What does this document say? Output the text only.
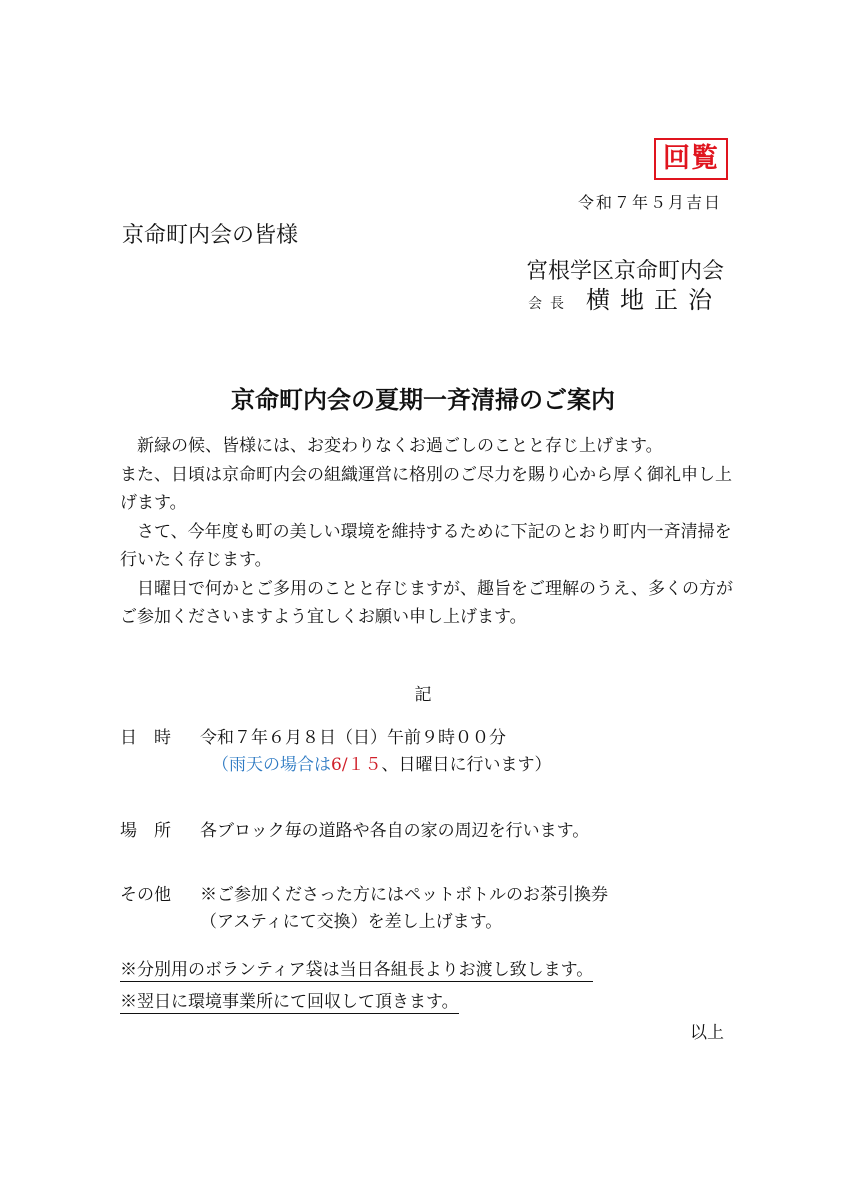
回覧
令和７年５月吉日
京命町内会の皆様
宮根学区京命町内会
会長 横地正治
京命町内会の夏期一斉清掃のご案内

新緑の候、皆様には、お変わりなくお過ごしのことと存じ上げます。

また、日頃は京命町内会の組織運営に格別のご尽力を賜り心から厚く御礼申し上げます。

さて、今年度も町の美しい環境を維持するために下記のとおり町内一斉清掃を行いたく存じます。

日曜日で何かとご多用のことと存じますが、趣旨をご理解のうえ、多くの方がご参加くださいますよう宜しくお願い申し上げます。

記
日　時 令和７年６月８日（日）午前９時００分
（雨天の場合は6/１５、日曜日に行います）
場　所 各ブロック毎の道路や各自の家の周辺を行います。
その他 ※ご参加くださった方にはペットボトルのお茶引換券
（アスティにて交換）を差し上げます。
※分別用のボランティア袋は当日各組長よりお渡し致します。
※翌日に環境事業所にて回収して頂きます。
以上
